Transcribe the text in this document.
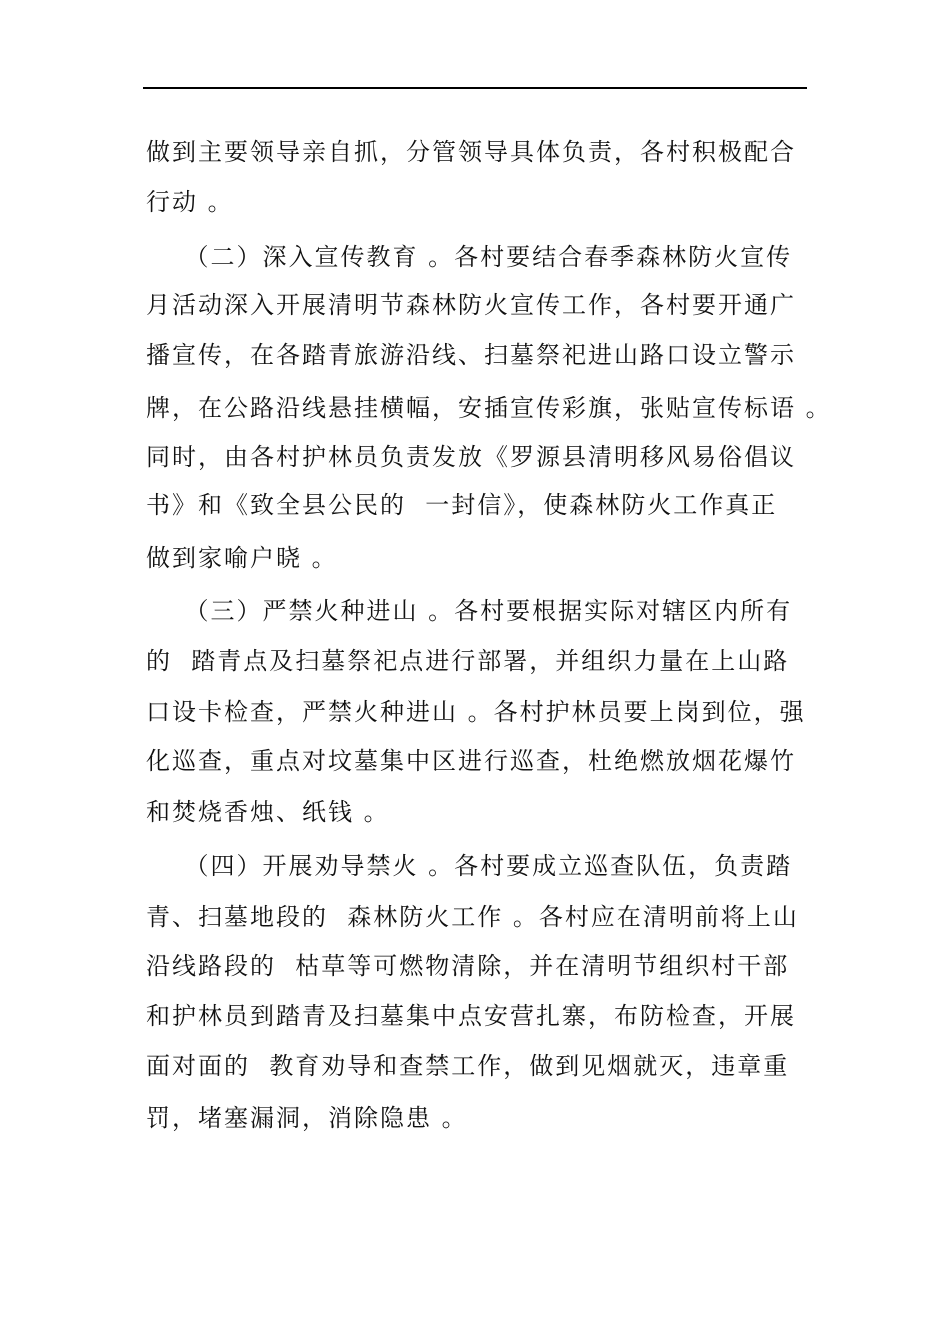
做到主要领导亲自抓，分管领导具体负责，各村积极配合
行动 。
（二）深入宣传教育 。各村要结合春季森林防火宣传
月活动深入开展清明节森林防火宣传工作，各村要开通广
播宣传，在各踏青旅游沿线、扫墓祭祀进山路口设立警示
牌，在公路沿线悬挂横幅，安插宣传彩旗，张贴宣传标语 。
同时，由各村护林员负责发放《罗源县清明移风易俗倡议
书》和《致全县公民的  一封信》，使森林防火工作真正
做到家喻户晓 。
（三）严禁火种进山 。各村要根据实际对辖区内所有
的  踏青点及扫墓祭祀点进行部署，并组织力量在上山路
口设卡检查，严禁火种进山 。各村护林员要上岗到位，强
化巡查，重点对坟墓集中区进行巡查，杜绝燃放烟花爆竹
和焚烧香烛、纸钱 。
（四）开展劝导禁火 。各村要成立巡查队伍，负责踏
青、扫墓地段的  森林防火工作 。各村应在清明前将上山
沿线路段的  枯草等可燃物清除，并在清明节组织村干部
和护林员到踏青及扫墓集中点安营扎寨，布防检查，开展
面对面的  教育劝导和查禁工作，做到见烟就灭，违章重
罚，堵塞漏洞，消除隐患 。
